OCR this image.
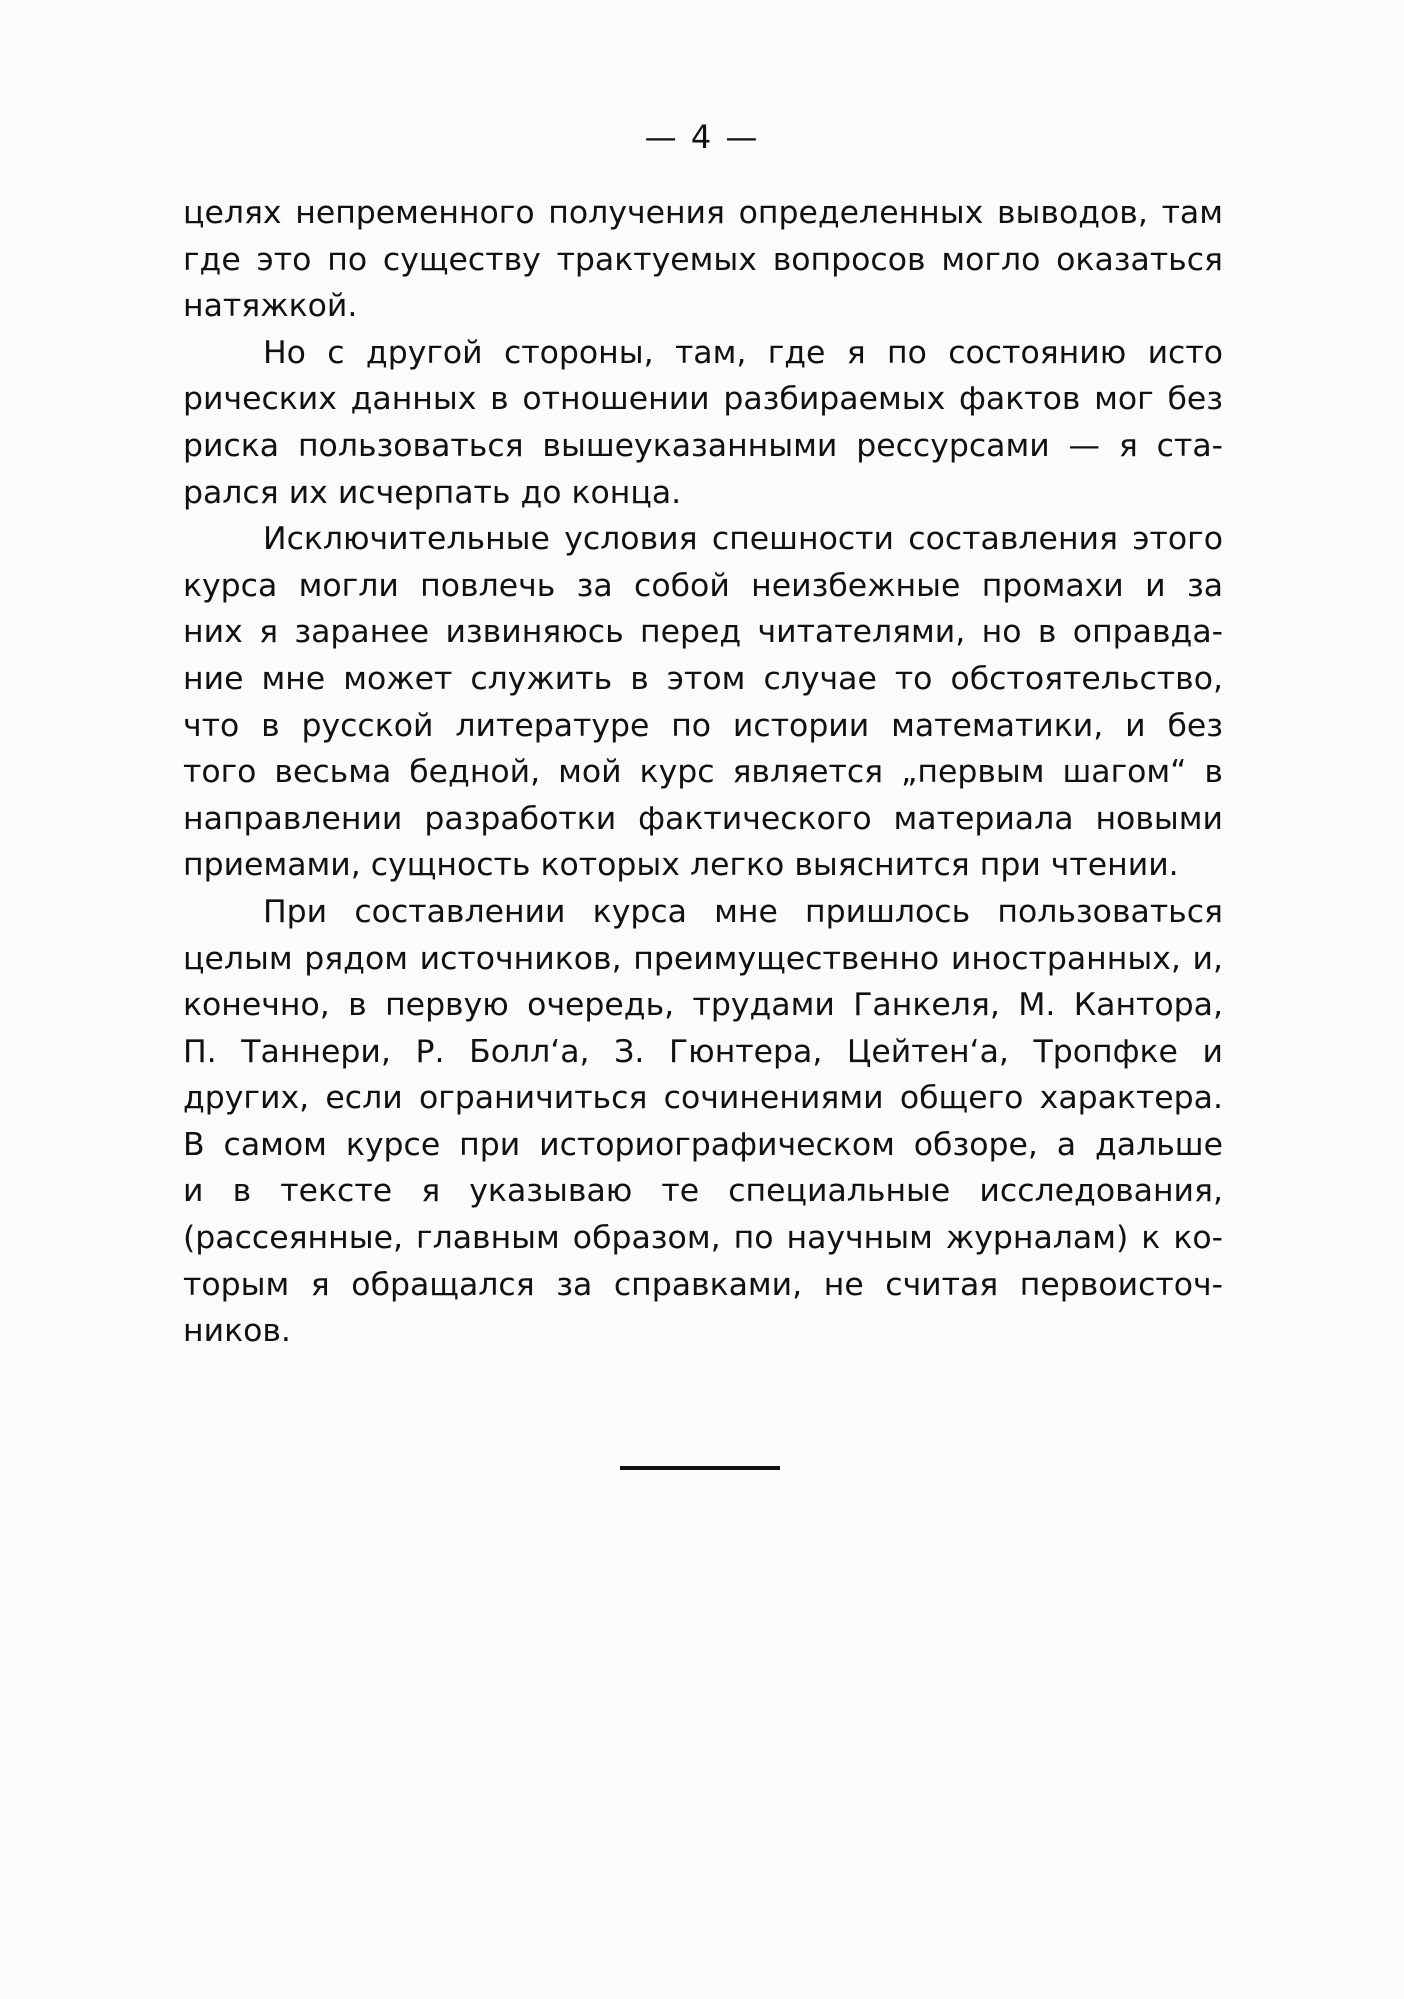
— 4 —

целях непременного получения определенных выводов, там
где это по существу трактуемых вопросов могло оказаться
натяжкой.

Но с другой стороны, там, где я по состоянию исто
рических данных в отношении разбираемых фактов мог без
риска пользоваться вышеуказанными рессурсами — я ста-
рался их исчерпать до конца.

Исключительные условия спешности составления этого
курса могли повлечь за собой неизбежные промахи и за
них я заранее извиняюсь перед читателями, но в оправда-
ние мне может служить в этом случае то обстоятельство,
что в русской литературе по истории математики, и без
того весьма бедной, мой курс является „первым шагом“ в
направлении разработки фактического материала новыми
приемами, сущность которых легко выяснится при чтении.

При составлении курса мне пришлось пользоваться
целым рядом источников, преимущественно иностранных, и,
конечно, в первую очередь, трудами Ганкеля, М. Кантора,
П. Таннери, Р. Болл‘а, З. Гюнтера, Цейтен‘а, Тропфке и
других, если ограничиться сочинениями общего характера.
В самом курсе при историографическом обзоре, а дальше
и в тексте я указываю те специальные исследования,
(рассеянные, главным образом, по научным журналам) к ко-
торым я обращался за справками, не считая первоисточ-
ников.
